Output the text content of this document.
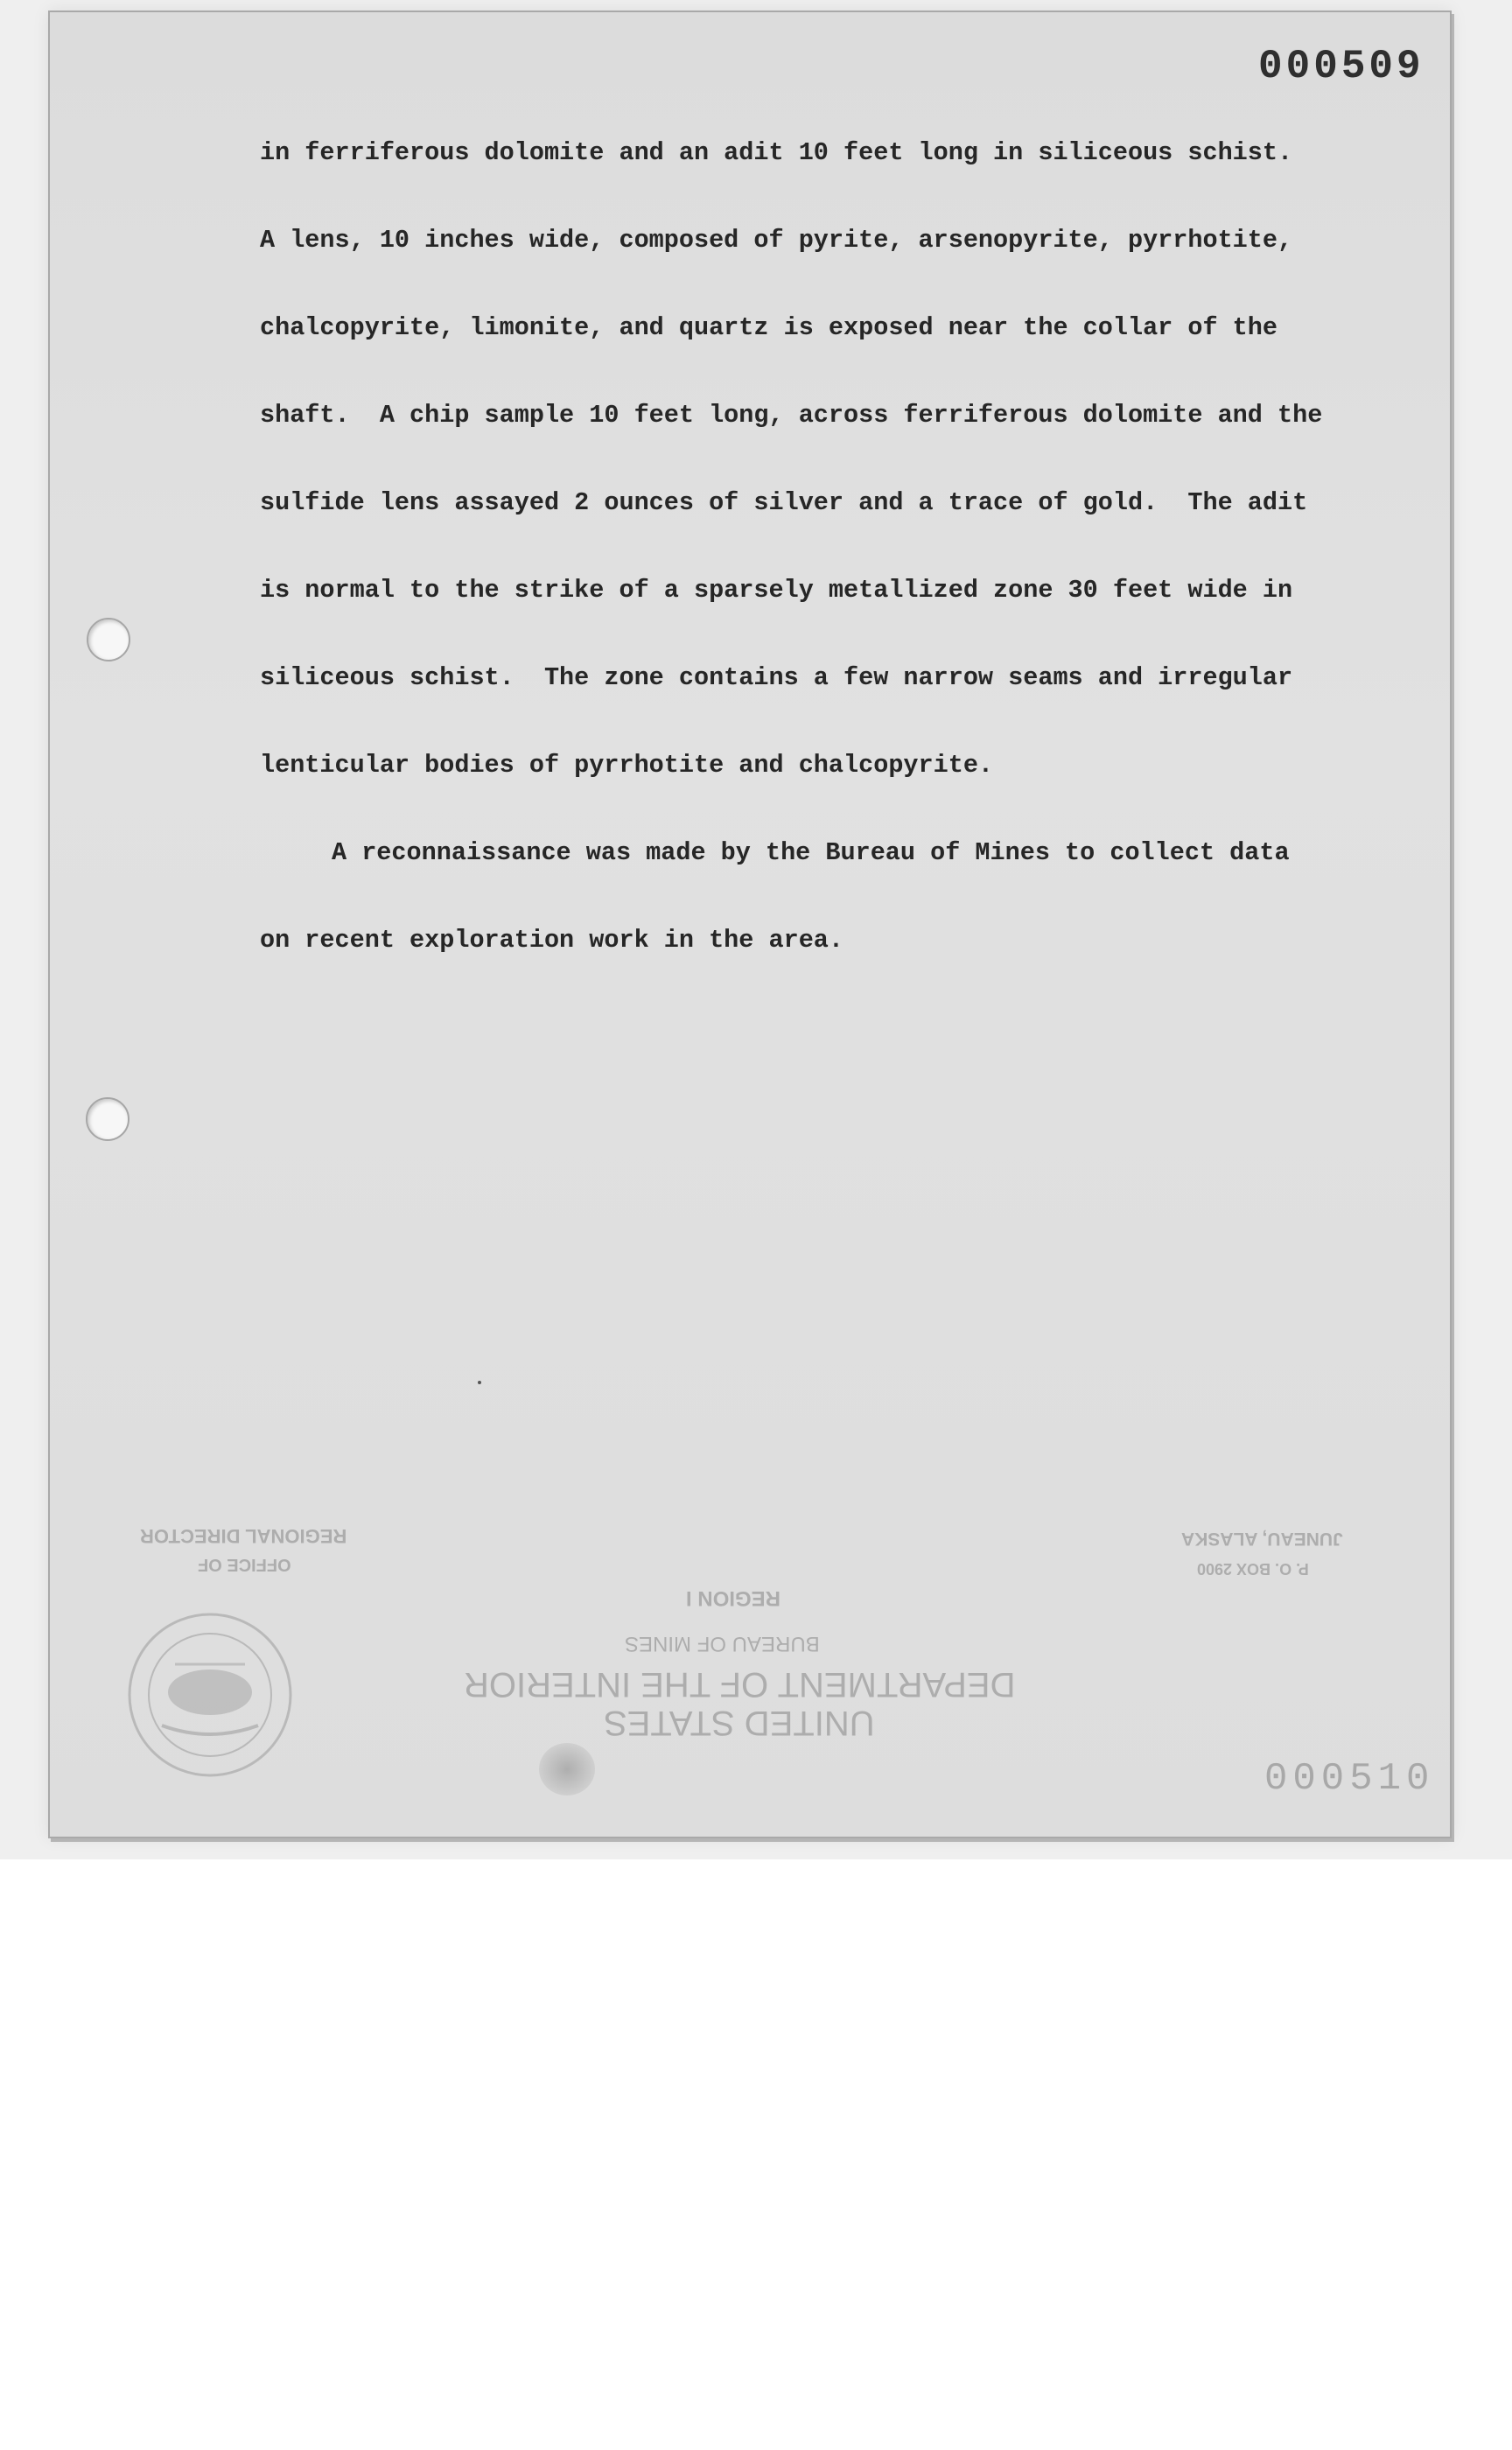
000509
in ferriferous dolomite and an adit 10 feet long in siliceous schist.
A lens, 10 inches wide, composed of pyrite, arsenopyrite, pyrrhotite,
chalcopyrite, limonite, and quartz is exposed near the collar of the
shaft.  A chip sample 10 feet long, across ferriferous dolomite and the
sulfide lens assayed 2 ounces of silver and a trace of gold.  The adit
is normal to the strike of a sparsely metallized zone 30 feet wide in
siliceous schist.  The zone contains a few narrow seams and irregular
lenticular bodies of pyrrhotite and chalcopyrite.
A reconnaissance was made by the Bureau of Mines to collect data
on recent exploration work in the area.
REGIONAL DIRECTOR
OFFICE OF
JUNEAU, ALASKA
P. O. BOX 2900
REGION I
BUREAU OF MINES
DEPARTMENT OF THE INTERIOR
UNITED STATES
000510
